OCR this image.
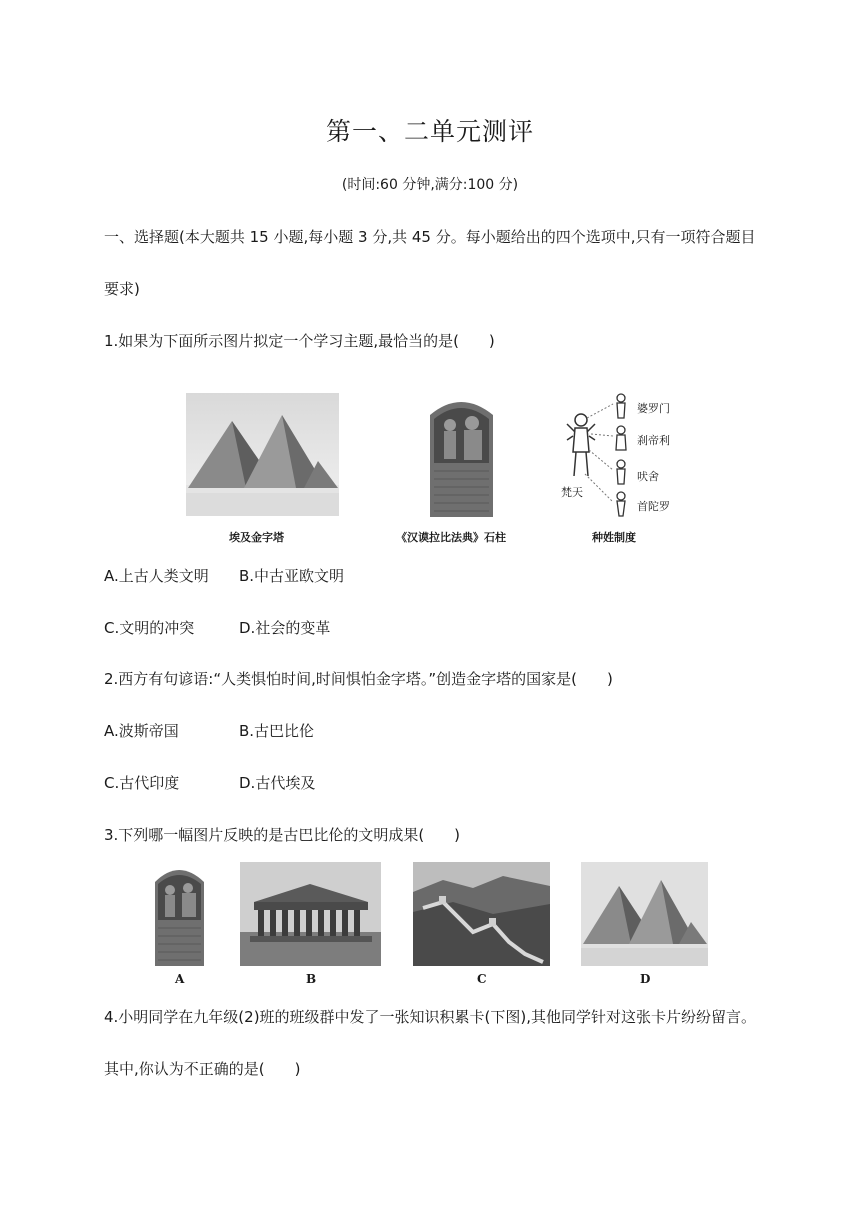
第一、二单元测评
(时间:60 分钟,满分:100 分)
一、选择题(本大题共 15 小题,每小题 3 分,共 45 分。每小题给出的四个选项中,只有一项符合题目
要求)
1.如果为下面所示图片拟定一个学习主题,最恰当的是(　　)
埃及金字塔	《汉谟拉比法典》石柱
婆罗门
刹帝利
吠舍
首陀罗
梵天
种姓制度
A.上古人类文明 B.中古亚欧文明
C.文明的冲突	D.社会的变革
2.西方有句谚语:“人类惧怕时间,时间惧怕金字塔。”创造金字塔的国家是(　　)
A.波斯帝国	B.古巴比伦
C.古代印度	D.古代埃及
3.下列哪一幅图片反映的是古巴比伦的文明成果(　　)
A	B	C	D
4.小明同学在九年级(2)班的班级群中发了一张知识积累卡(下图),其他同学针对这张卡片纷纷留言。
其中,你认为不正确的是(　　)
